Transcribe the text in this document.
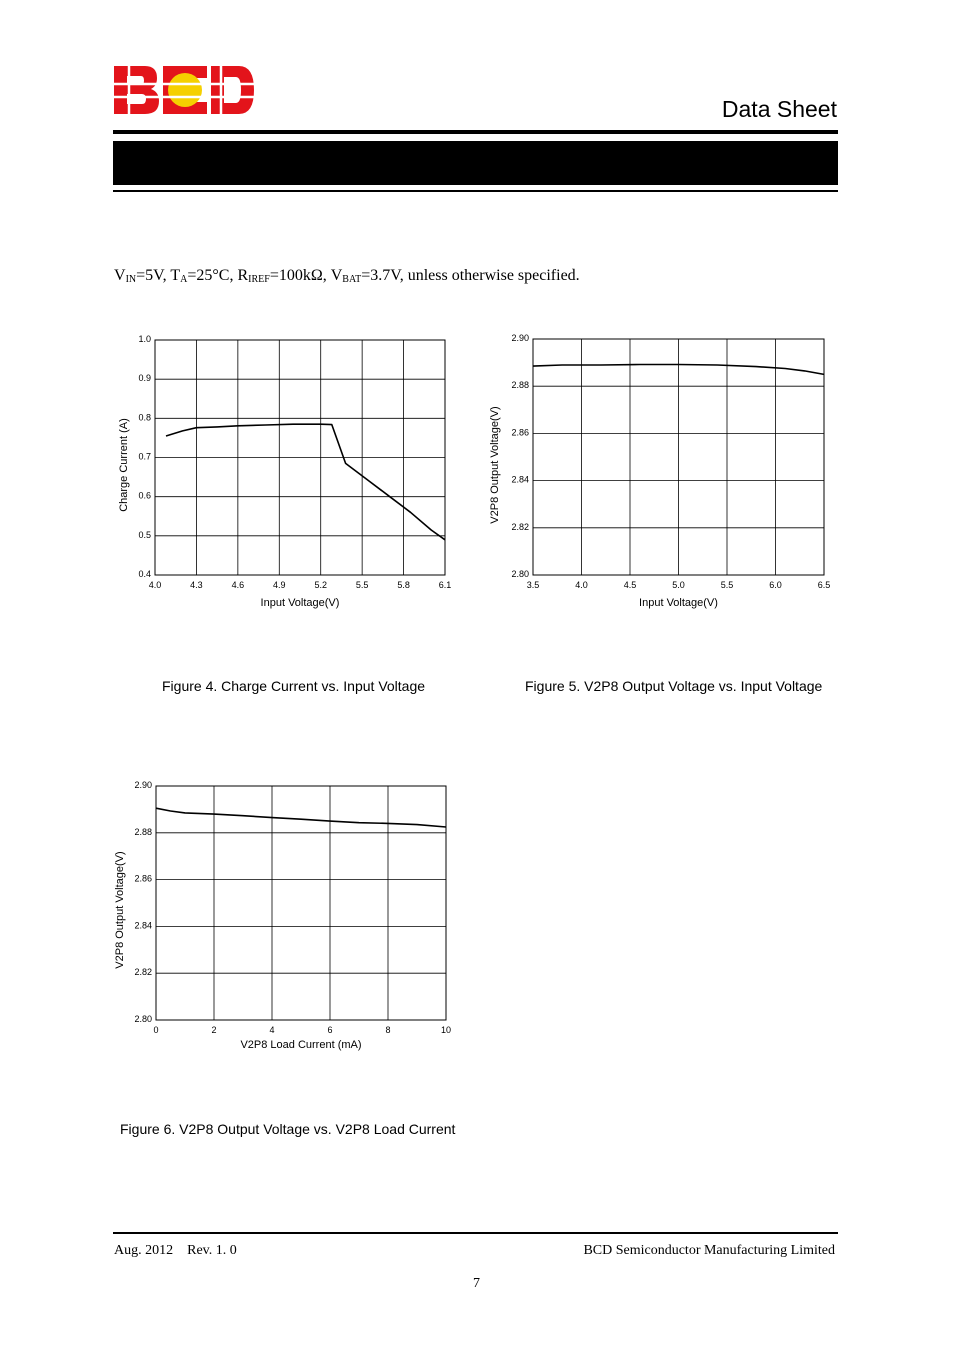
Data Sheet
$V_{IN}=5V$, $T_A=25^\circ C$, $R_{IREF}=100k\Omega$, $V_{BAT}=3.7V$, unless otherwise specified.
4.0	4.3	4.6	4.9	5.2	5.5	5.8	6.1
0.4
0.5
0.6
0.7
0.8
0.9
1.0
Input Voltage(V)
Charge Current (A)
3.5	4.0	4.5	5.0	5.5	6.0	6.5
2.80
2.82
2.84
2.86
2.88
2.90
Input Voltage(V)
V2P8 Output Voltage(V)
0	2	4	6	8	10
2.80
2.82
2.84
2.86
2.88
2.90
V2P8 Load Current (mA)
V2P8 Output Voltage(V)
Figure 4. Charge Current vs. Input Voltage	Figure 5. V2P8 Output Voltage vs. Input Voltage
Figure 6. V2P8 Output Voltage vs. V2P8 Load Current
Aug. 2012    Rev. 1. 0	BCD Semiconductor Manufacturing Limited
7
